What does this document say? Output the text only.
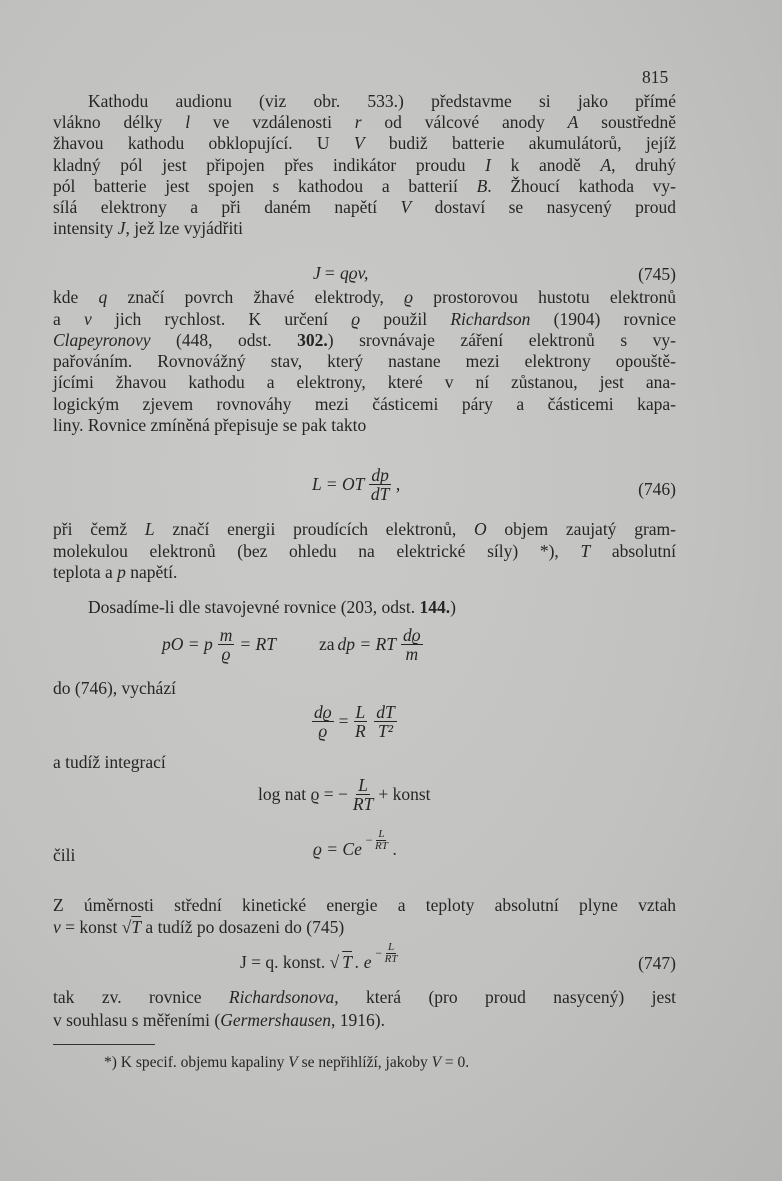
815
Kathodu audionu (viz obr. 533.) představme si jako přímé
vlákno délky l ve vzdálenosti r od válcové anody A soustředně
žhavou kathodu obklopující. U V budiž batterie akumulátorů, jejíž
kladný pól jest připojen přes indikátor proudu I k anodě A, druhý
pól batterie jest spojen s kathodou a batterií B. Žhoucí kathoda vy-
sílá elektrony a při daném napětí V dostaví se nasycený proud
intensity J, jež lze vyjádřiti
J = qϱv,	(745)
kde q značí povrch žhavé elektrody, ϱ prostorovou hustotu elektronů
a v jich rychlost. K určení ϱ použil Richardson (1904) rovnice
Clapeyronovy (448, odst. 302.) srovnávaje záření elektronů s vy-
pařováním. Rovnovážný stav, který nastane mezi elektrony opouště-
jícími žhavou kathodu a elektrony, které v ní zůstanou, jest ana-
logickým zjevem rovnováhy mezi částicemi páry a částicemi kapa-
liny. Rovnice zmíněná přepisuje se pak takto
L = OT $\frac{dp}{dT}$ ,	(746)
při čemž L značí energii proudících elektronů, O objem zaujatý gram-
molekulou elektronů (bez ohledu na elektrické síly) *), T absolutní
teplota a p napětí.
Dosadíme-li dle stavojevné rovnice (203, odst. 144.)
pO = p $\frac{m}{ϱ}$ = RT za dp = RT $\frac{dϱ}{m}$
do (746), vychází
$\frac{dϱ}{ϱ} = \frac{L}{R} \frac{dT}{\text{T²}}$
a tudíž integrací
log nat ϱ = − $\frac{L}{RT}$ + konst
čili	$ϱ = Ce - \frac{L}{RT}$ .
Z úměrnosti střední kinetické energie a teploty absolutní plyne vztah
v = konst √T a tudíž po dosazeni do (745)
J = q. konst. √ T . $e - \frac{L}{RT}$	(747)
tak zv. rovnice Richardsonova, která (pro proud nasycený) jest
v souhlasu s měřeními (Germershausen, 1916).
*) K specif. objemu kapaliny V se nepřihlíží, jakoby V = 0.
